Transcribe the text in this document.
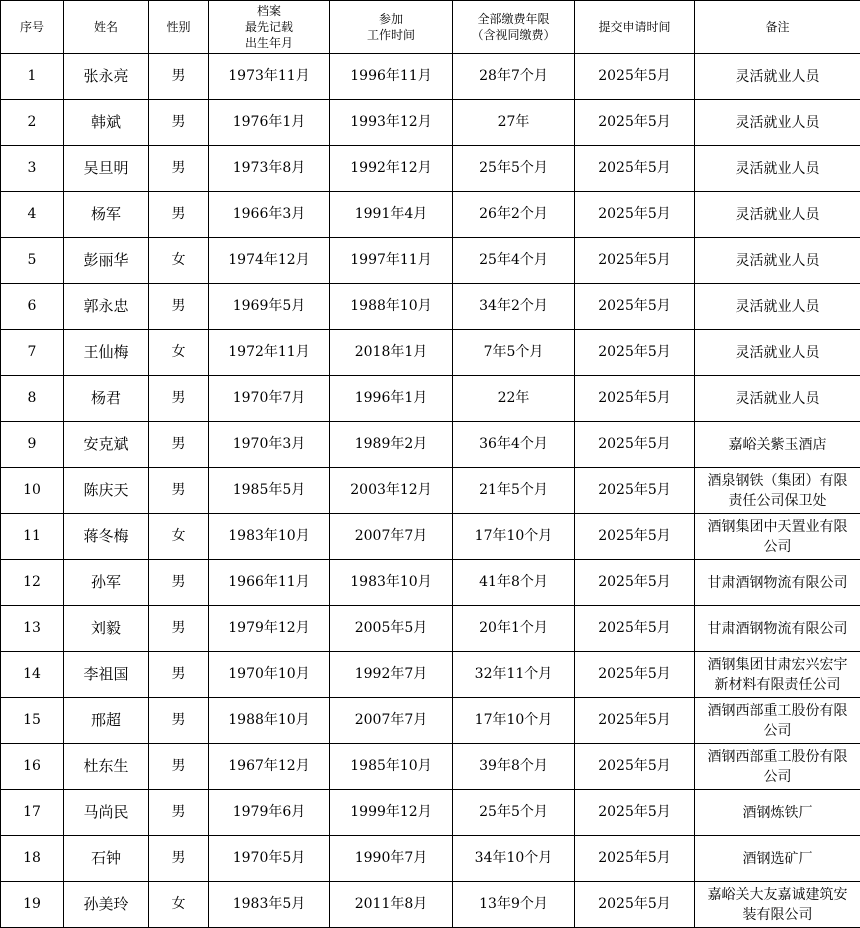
序号	姓名	性别	档案
最先记载
出生年月	参加
工作时间	全部缴费年限
（含视同缴费）	提交申请时间	备注
1	张永亮	男	1973年11月	1996年11月	28年7个月	2025年5月	灵活就业人员

2	韩斌	男	1976年1月	1993年12月	27年	2025年5月	灵活就业人员

3	吴旦明	男	1973年8月	1992年12月	25年5个月	2025年5月	灵活就业人员

4	杨军	男	1966年3月	1991年4月	26年2个月	2025年5月	灵活就业人员

5	彭丽华	女	1974年12月	1997年11月	25年4个月	2025年5月	灵活就业人员

6	郭永忠	男	1969年5月	1988年10月	34年2个月	2025年5月	灵活就业人员

7	王仙梅	女	1972年11月	2018年1月	7年5个月	2025年5月	灵活就业人员

8	杨君	男	1970年7月	1996年1月	22年	2025年5月	灵活就业人员

9	安克斌	男	1970年3月	1989年2月	36年4个月	2025年5月	嘉峪关紫玉酒店

10	陈庆天	男	1985年5月	2003年12月	21年5个月	2025年5月	酒泉钢铁（集团）有限
责任公司保卫处

11	蒋冬梅	女	1983年10月	2007年7月	17年10个月	2025年5月	酒钢集团中天置业有限
公司

12	孙军	男	1966年11月	1983年10月	41年8个月	2025年5月	甘肃酒钢物流有限公司

13	刘毅	男	1979年12月	2005年5月	20年1个月	2025年5月	甘肃酒钢物流有限公司

14	李祖国	男	1970年10月	1992年7月	32年11个月	2025年5月	酒钢集团甘肃宏兴宏宇
新材料有限责任公司

15	邢超	男	1988年10月	2007年7月	17年10个月	2025年5月	酒钢西部重工股份有限
公司

16	杜东生	男	1967年12月	1985年10月	39年8个月	2025年5月	酒钢西部重工股份有限
公司

17	马尚民	男	1979年6月	1999年12月	25年5个月	2025年5月	酒钢炼铁厂

18	石钟	男	1970年5月	1990年7月	34年10个月	2025年5月	酒钢选矿厂

19	孙美玲	女	1983年5月	2011年8月	13年9个月	2025年5月	嘉峪关大友嘉诚建筑安
装有限公司
